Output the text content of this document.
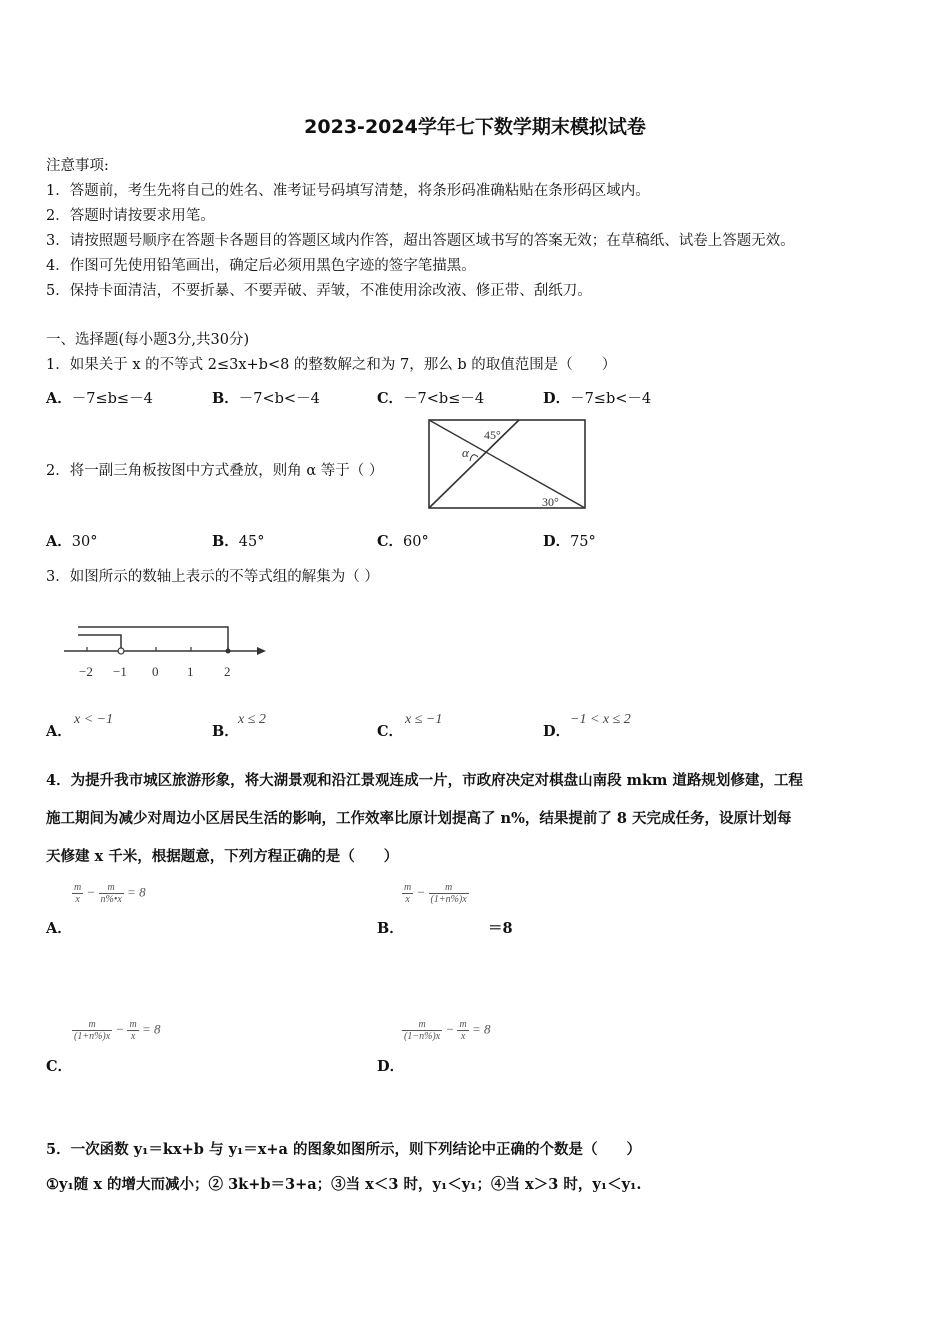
2023-2024学年七下数学期末模拟试卷
注意事项:
1．答题前，考生先将自己的姓名、准考证号码填写清楚，将条形码准确粘贴在条形码区域内。
2．答题时请按要求用笔。
3．请按照题号顺序在答题卡各题目的答题区域内作答，超出答题区域书写的答案无效；在草稿纸、试卷上答题无效。
4．作图可先使用铅笔画出，确定后必须用黑色字迹的签字笔描黑。
5．保持卡面清洁，不要折暴、不要弄破、弄皱，不准使用涂改液、修正带、刮纸刀。
一、选择题(每小题3分,共30分)
1．如果关于 x 的不等式 2≤3x+b<8 的整数解之和为 7，那么 b 的取值范围是（　　）
A．－7≤b≤－4	B．－7<b<－4	C．－7<b≤－4	D．－7≤b<－4
2．将一副三角板按图中方式叠放，则角 α 等于（ ）
45°
α
30°
A．30°	B．45°	C．60°	D．75°
3．如图所示的数轴上表示的不等式组的解集为（ ）
−2 −1 0 1 2
A．
x < −1
B．
x ≤ 2
C．
x ≤ −1
D．
−1 < x ≤ 2
4．为提升我市城区旅游形象，将大湖景观和沿江景观连成一片，市政府决定对棋盘山南段 mkm 道路规划修建，工程
施工期间为减少对周边小区居民生活的影响，工作效率比原计划提高了 n%，结果提前了 8 天完成任务，设原计划每
天修建 x 千米，根据题意，下列方程正确的是（　　）
$\frac{m}{x} - \frac{m}{n\%•x} = 8$
A．
$\frac{m}{x} - \frac{m}{(1+n\%)x}$
B．	＝8
$\frac{m}{(1+n\%)x} - \frac{m}{x} = 8$
C．
$\frac{m}{(1-n\%)x} - \frac{m}{x} = 8$
D．
5．一次函数 y₁＝kx+b 与 y₁＝x+a 的图象如图所示，则下列结论中正确的个数是（　　）
①y₁随 x 的增大而减小；② 3k+b＝3+a；③当 x＜3 时，y₁＜y₁；④当 x＞3 时，y₁＜y₁.
